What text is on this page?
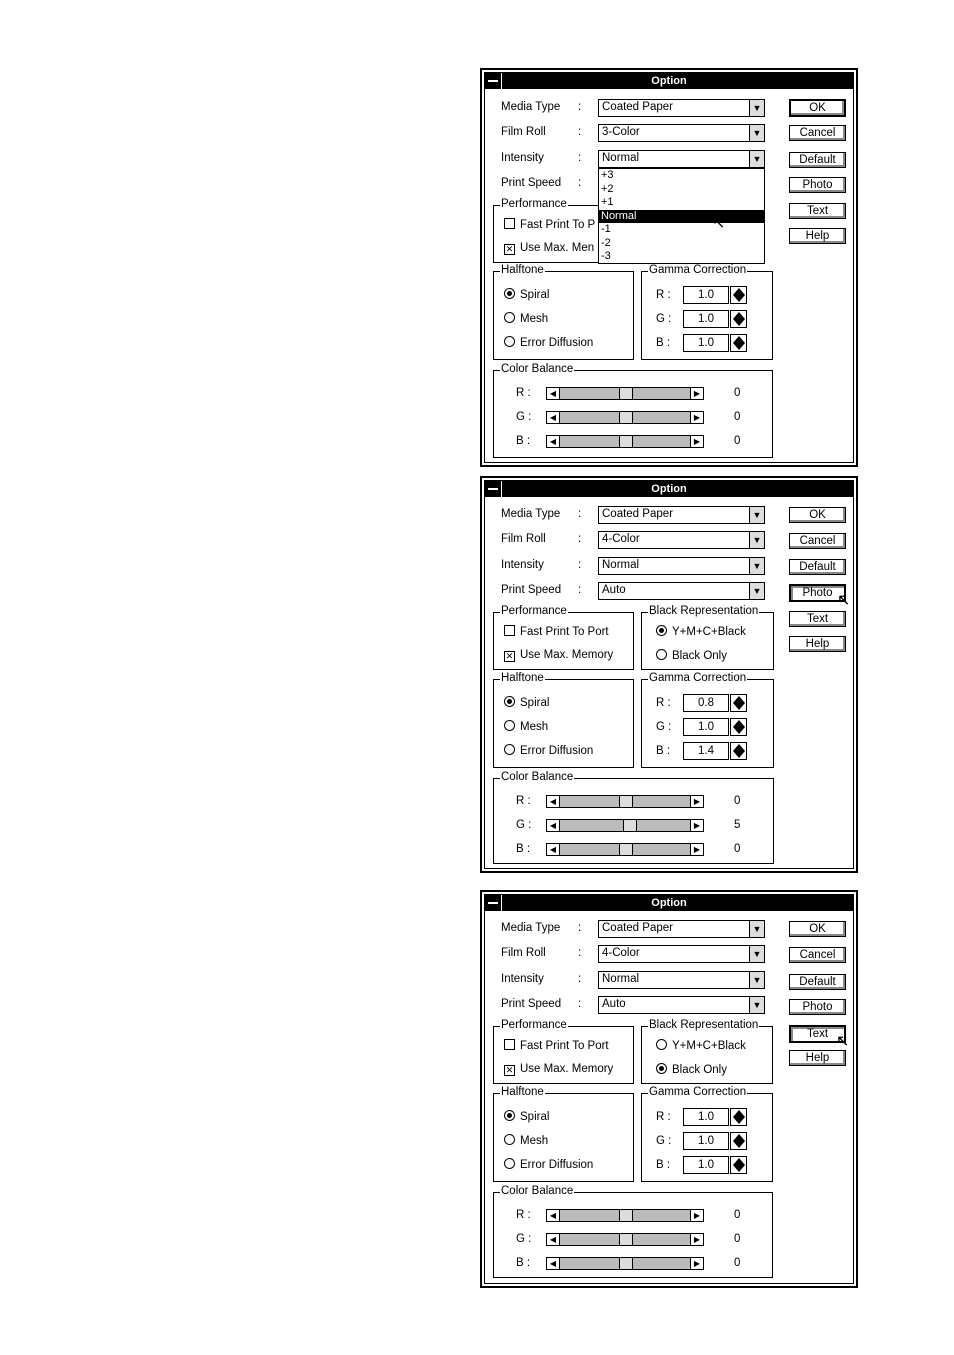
Option
Media Type : Coated Paper	▼
Film Roll	: 3-Color	▼
Intensity	: Normal	▼
Print Speed :
OK
Cancel
Default
Photo
Text
Help
Performance
Fast Print To P
✕ Use Max. Men
+3
+2
+1
Normal
-1
-2
-3
↖
Halftone
Spiral
Mesh
Error Diffusion
Gamma Correction
R :	1.0
G :	1.0
B :	1.0
Color Balance
R :	◀	▶	0
G :	◀	▶	0
B :	◀	▶	0
Option
Media Type : Coated Paper	▼
Film Roll	: 4-Color	▼
Intensity	: Normal	▼
Print Speed : Auto	▼
OK
Cancel
Default
Photo
Text
Help
↖
Performance
Fast Print To Port
✕ Use Max. Memory
Black Representation
Y+M+C+Black
Black Only
Halftone
Spiral
Mesh
Error Diffusion
Gamma Correction
R :	0.8
G :	1.0
B :	1.4
Color Balance
R :	◀	▶	0
G :	◀	▶	5
B :	◀	▶	0
Option
Media Type : Coated Paper	▼
Film Roll	: 4-Color	▼
Intensity	: Normal	▼
Print Speed : Auto	▼
OK
Cancel
Default
Photo
Text
Help
↖
Performance
Fast Print To Port
✕ Use Max. Memory
Black Representation
Y+M+C+Black
Black Only
Halftone
Spiral
Mesh
Error Diffusion
Gamma Correction
R :	1.0
G :	1.0
B :	1.0
Color Balance
R :	◀	▶	0
G :	◀	▶	0
B :	◀	▶	0
